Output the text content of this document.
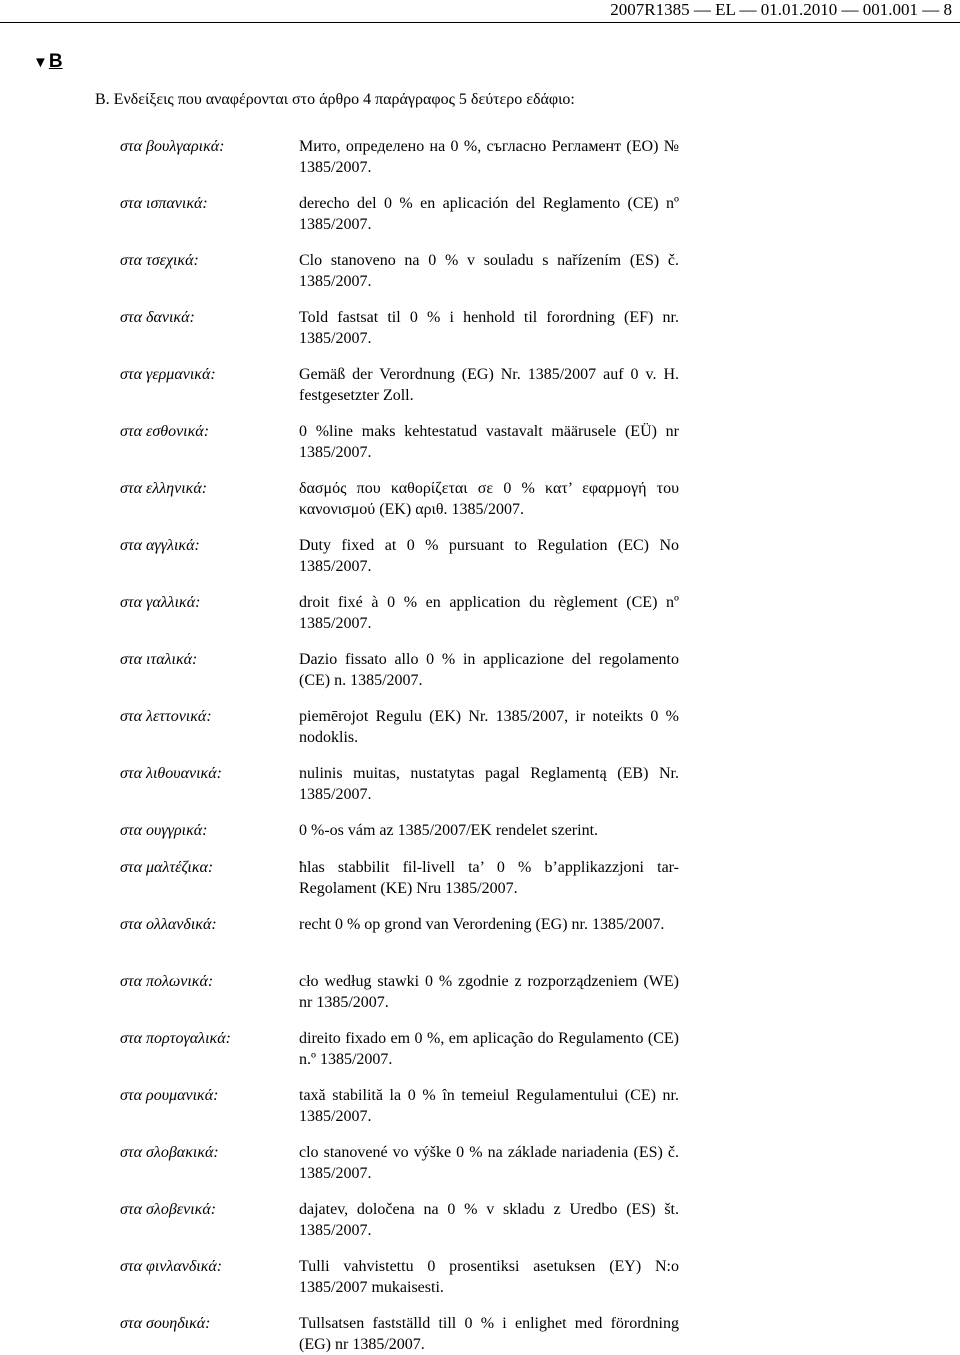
2007R1385 — EL — 01.01.2010 — 001.001 — 8
▼B
B. Ενδείξεις που αναφέρονται στο άρθρο 4 παράγραφος 5 δεύτερο εδάφιο:
στα βουλγαρικά:	Мито, определено на 0 %, съгласно Регламент (ЕО) № 1385/2007.
στα ισπανικά:	derecho del 0 % en aplicación del Reglamento (CE) nº 1385/2007.
στα τσεχικά:	Clo stanoveno na 0 % v souladu s nařízením (ES) č. 1385/2007.
στα δανικά:	Told fastsat til 0 % i henhold til forordning (EF) nr. 1385/2007.
στα γερμανικά:	Gemäß der Verordnung (EG) Nr. 1385/2007 auf 0 v. H. festgesetzter Zoll.
στα εσθονικά:	0 %line maks kehtestatud vastavalt määrusele (EÜ) nr 1385/2007.
στα ελληνικά:	δασμός που καθορίζεται σε 0 % κατ’ εφαρμογή του κανονισμού (ΕΚ) αριθ. 1385/2007.
στα αγγλικά:	Duty fixed at 0 % pursuant to Regulation (EC) No 1385/2007.
στα γαλλικά:	droit fixé à 0 % en application du règlement (CE) nº 1385/2007.
στα ιταλικά:	Dazio fissato allo 0 % in applicazione del regolamento (CE) n. 1385/2007.
στα λεττονικά:	piemērojot Regulu (EK) Nr. 1385/2007, ir noteikts 0 % nodoklis.
στα λιθουανικά:	nulinis muitas, nustatytas pagal Reglamentą (EB) Nr. 1385/2007.
στα ουγγρικά:	0 %-os vám az 1385/2007/EK rendelet szerint.
στα μαλτέζικα:	ħlas stabbilit fil-livell ta’ 0 % b’applikazzjoni tar-Regolament (KE) Nru 1385/2007.
στα ολλανδικά:	recht 0 % op grond van Verordening (EG) nr. 1385/2007.
στα πολωνικά:	cło według stawki 0 % zgodnie z rozporządzeniem (WE) nr 1385/2007.
στα πορτογαλικά:	direito fixado em 0 %, em aplicação do Regulamento (CE) n.º 1385/2007.
στα ρουμανικά:	taxă stabilită la 0 % în temeiul Regulamentului (CE) nr. 1385/2007.
στα σλοβακικά:	clo stanovené vo výške 0 % na základe nariadenia (ES) č. 1385/2007.
στα σλοβενικά:	dajatev, določena na 0 % v skladu z Uredbo (ES) št. 1385/2007.
στα φινλανδικά:	Tulli vahvistettu 0 prosentiksi asetuksen (EY) N:o 1385/2007 mukaisesti.
στα σουηδικά:	Tullsatsen fastställd till 0 % i enlighet med förordning (EG) nr 1385/2007.
